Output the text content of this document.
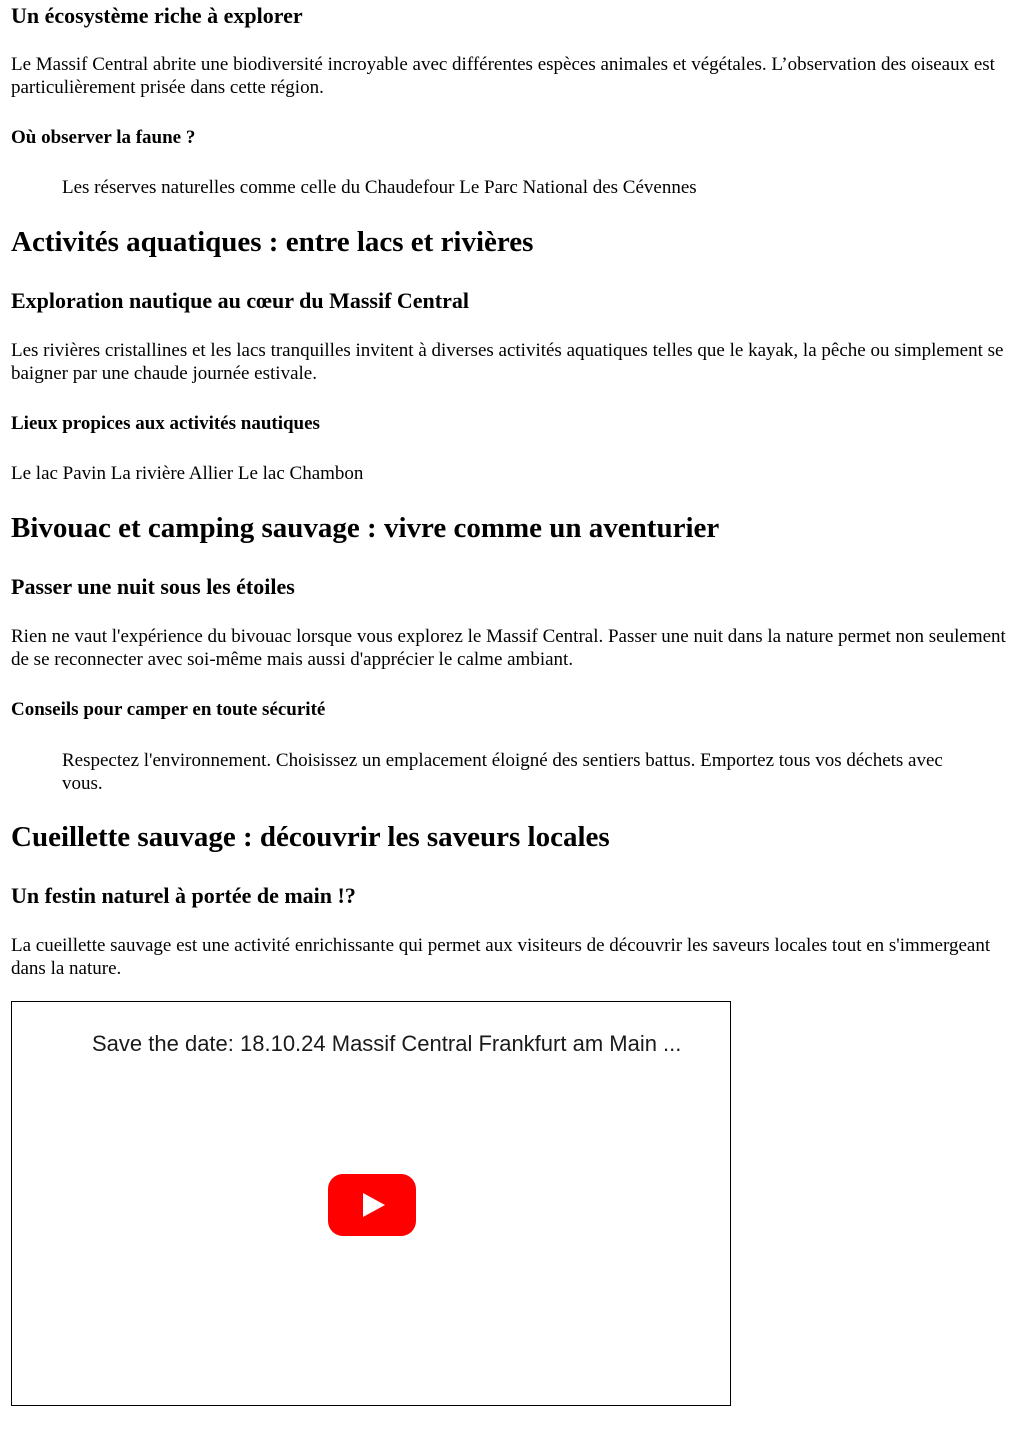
Un écosystème riche à explorer

Le Massif Central abrite une biodiversité incroyable avec différentes espèces animales et végétales. L’observation des oiseaux est particulièrement prisée dans cette région.

Où observer la faune ?

Les réserves naturelles comme celle du Chaudefour Le Parc National des Cévennes

Activités aquatiques : entre lacs et rivières
Exploration nautique au cœur du Massif Central

Les rivières cristallines et les lacs tranquilles invitent à diverses activités aquatiques telles que le kayak, la pêche ou simplement se baigner par une chaude journée estivale.

Lieux propices aux activités nautiques

Le lac Pavin La rivière Allier Le lac Chambon

Bivouac et camping sauvage : vivre comme un aventurier
Passer une nuit sous les étoiles

Rien ne vaut l'expérience du bivouac lorsque vous explorez le Massif Central. Passer une nuit dans la nature permet non seulement de se reconnecter avec soi-même mais aussi d'apprécier le calme ambiant.

Conseils pour camper en toute sécurité

Respectez l'environnement. Choisissez un emplacement éloigné des sentiers battus. Emportez tous vos déchets avec vous.

Cueillette sauvage : découvrir les saveurs locales
Un festin naturel à portée de main !?

La cueillette sauvage est une activité enrichissante qui permet aux visiteurs de découvrir les saveurs locales tout en s'immergeant dans la nature.

Save the date: 18.10.24 Massif Central Frankfurt am Main ...
